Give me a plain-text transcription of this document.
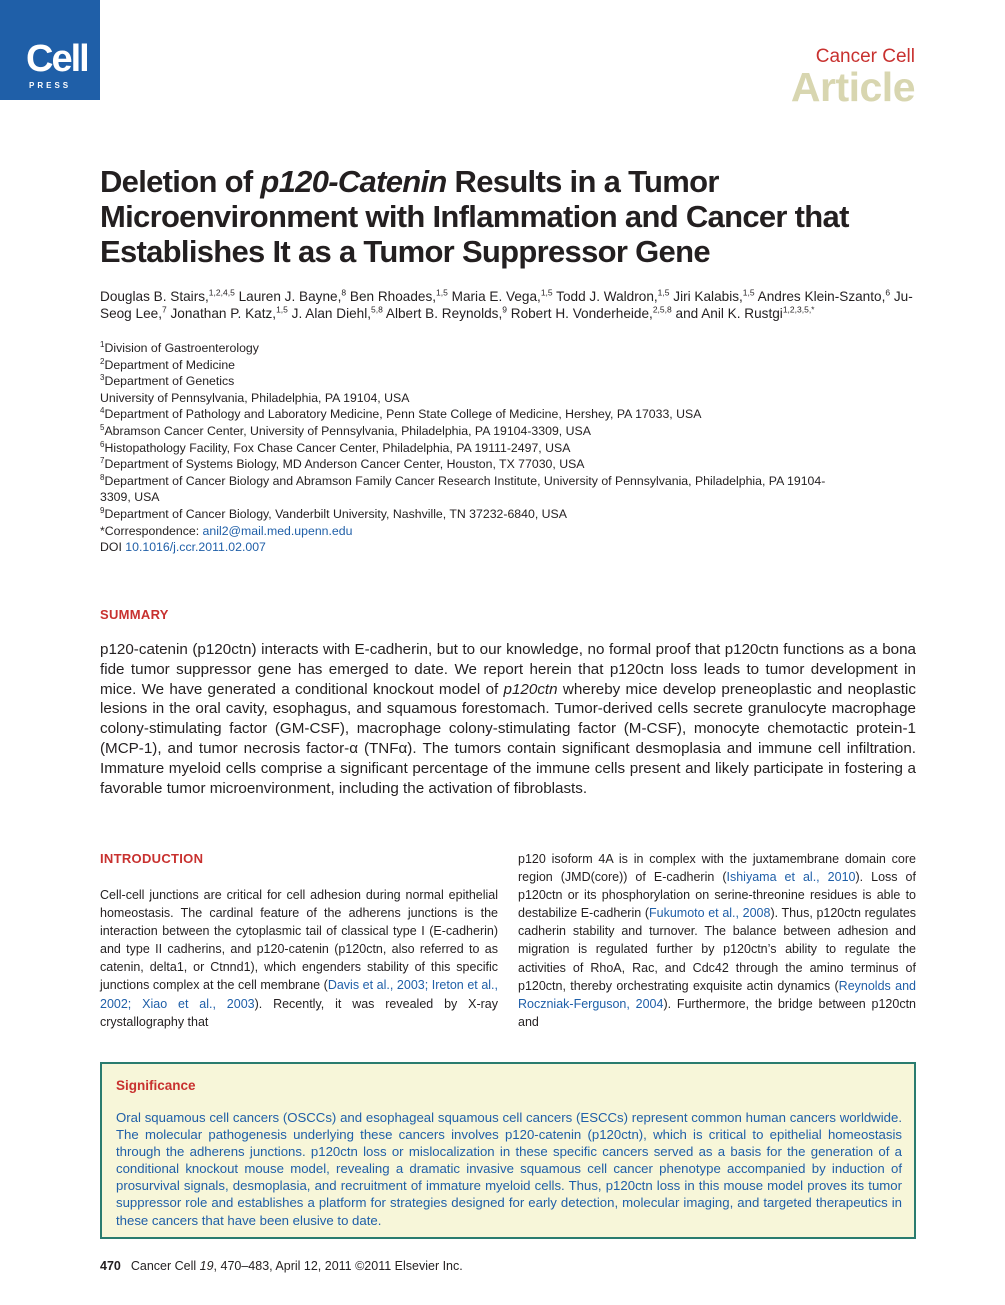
Cell
PRESS
Cancer Cell
Article
Deletion of p120-Catenin Results in a Tumor Microenvironment with Inflammation and Cancer that Establishes It as a Tumor Suppressor Gene
Douglas B. Stairs,$^{1,2,4,5}$ Lauren J. Bayne,$^8$ Ben Rhoades,$^{1,5}$ Maria E. Vega,$^{1,5}$ Todd J. Waldron,$^{1,5}$ Jiri Kalabis,$^{1,5}$ Andres Klein-Szanto,$^6$ Ju-Seog Lee,$^7$ Jonathan P. Katz,$^{1,5}$ J. Alan Diehl,$^{5,8}$ Albert B. Reynolds,$^9$ Robert H. Vonderheide,$^{2,5,8}$ and Anil K. Rustgi$^{1,2,3,5,*}$
$^1$Division of Gastroenterology
$^2$Department of Medicine
$^3$Department of Genetics
University of Pennsylvania, Philadelphia, PA 19104, USA
$^4$Department of Pathology and Laboratory Medicine, Penn State College of Medicine, Hershey, PA 17033, USA
$^5$Abramson Cancer Center, University of Pennsylvania, Philadelphia, PA 19104-3309, USA
$^6$Histopathology Facility, Fox Chase Cancer Center, Philadelphia, PA 19111-2497, USA
$^7$Department of Systems Biology, MD Anderson Cancer Center, Houston, TX 77030, USA
$^8$Department of Cancer Biology and Abramson Family Cancer Research Institute, University of Pennsylvania, Philadelphia, PA 19104-3309, USA
$^9$Department of Cancer Biology, Vanderbilt University, Nashville, TN 37232-6840, USA
*Correspondence: anil2@mail.med.upenn.edu
DOI 10.1016/j.ccr.2011.02.007
SUMMARY
p120-catenin (p120ctn) interacts with E-cadherin, but to our knowledge, no formal proof that p120ctn functions as a bona fide tumor suppressor gene has emerged to date. We report herein that p120ctn loss leads to tumor development in mice. We have generated a conditional knockout model of p120ctn whereby mice develop preneoplastic and neoplastic lesions in the oral cavity, esophagus, and squamous forestomach. Tumor-derived cells secrete granulocyte macrophage colony-stimulating factor (GM-CSF), macrophage colony-stimulating factor (M-CSF), monocyte chemotactic protein-1 (MCP-1), and tumor necrosis factor-α (TNFα). The tumors contain significant desmoplasia and immune cell infiltration. Immature myeloid cells comprise a significant percentage of the immune cells present and likely participate in fostering a favorable tumor microenvironment, including the activation of fibroblasts.
INTRODUCTION
Cell-cell junctions are critical for cell adhesion during normal epithelial homeostasis. The cardinal feature of the adherens junctions is the interaction between the cytoplasmic tail of classical type I (E-cadherin) and type II cadherins, and p120-catenin (p120ctn, also referred to as catenin, delta1, or Ctnnd1), which engenders stability of this specific junctions complex at the cell membrane (Davis et al., 2003; Ireton et al., 2002; Xiao et al., 2003). Recently, it was revealed by X-ray crystallography that
p120 isoform 4A is in complex with the juxtamembrane domain core region (JMD(core)) of E-cadherin (Ishiyama et al., 2010). Loss of p120ctn or its phosphorylation on serine-threonine residues is able to destabilize E-cadherin (Fukumoto et al., 2008). Thus, p120ctn regulates cadherin stability and turnover. The balance between adhesion and migration is regulated further by p120ctn’s ability to regulate the activities of RhoA, Rac, and Cdc42 through the amino terminus of p120ctn, thereby orchestrating exquisite actin dynamics (Reynolds and Roczniak-Ferguson, 2004). Furthermore, the bridge between p120ctn and
Significance
Oral squamous cell cancers (OSCCs) and esophageal squamous cell cancers (ESCCs) represent common human cancers worldwide. The molecular pathogenesis underlying these cancers involves p120-catenin (p120ctn), which is critical to epithelial homeostasis through the adherens junctions. p120ctn loss or mislocalization in these specific cancers served as a basis for the generation of a conditional knockout mouse model, revealing a dramatic invasive squamous cell cancer phenotype accompanied by induction of prosurvival signals, desmoplasia, and recruitment of immature myeloid cells. Thus, p120ctn loss in this mouse model proves its tumor suppressor role and establishes a platform for strategies designed for early detection, molecular imaging, and targeted therapeutics in these cancers that have been elusive to date.
470 Cancer Cell 19, 470–483, April 12, 2011 ©2011 Elsevier Inc.
